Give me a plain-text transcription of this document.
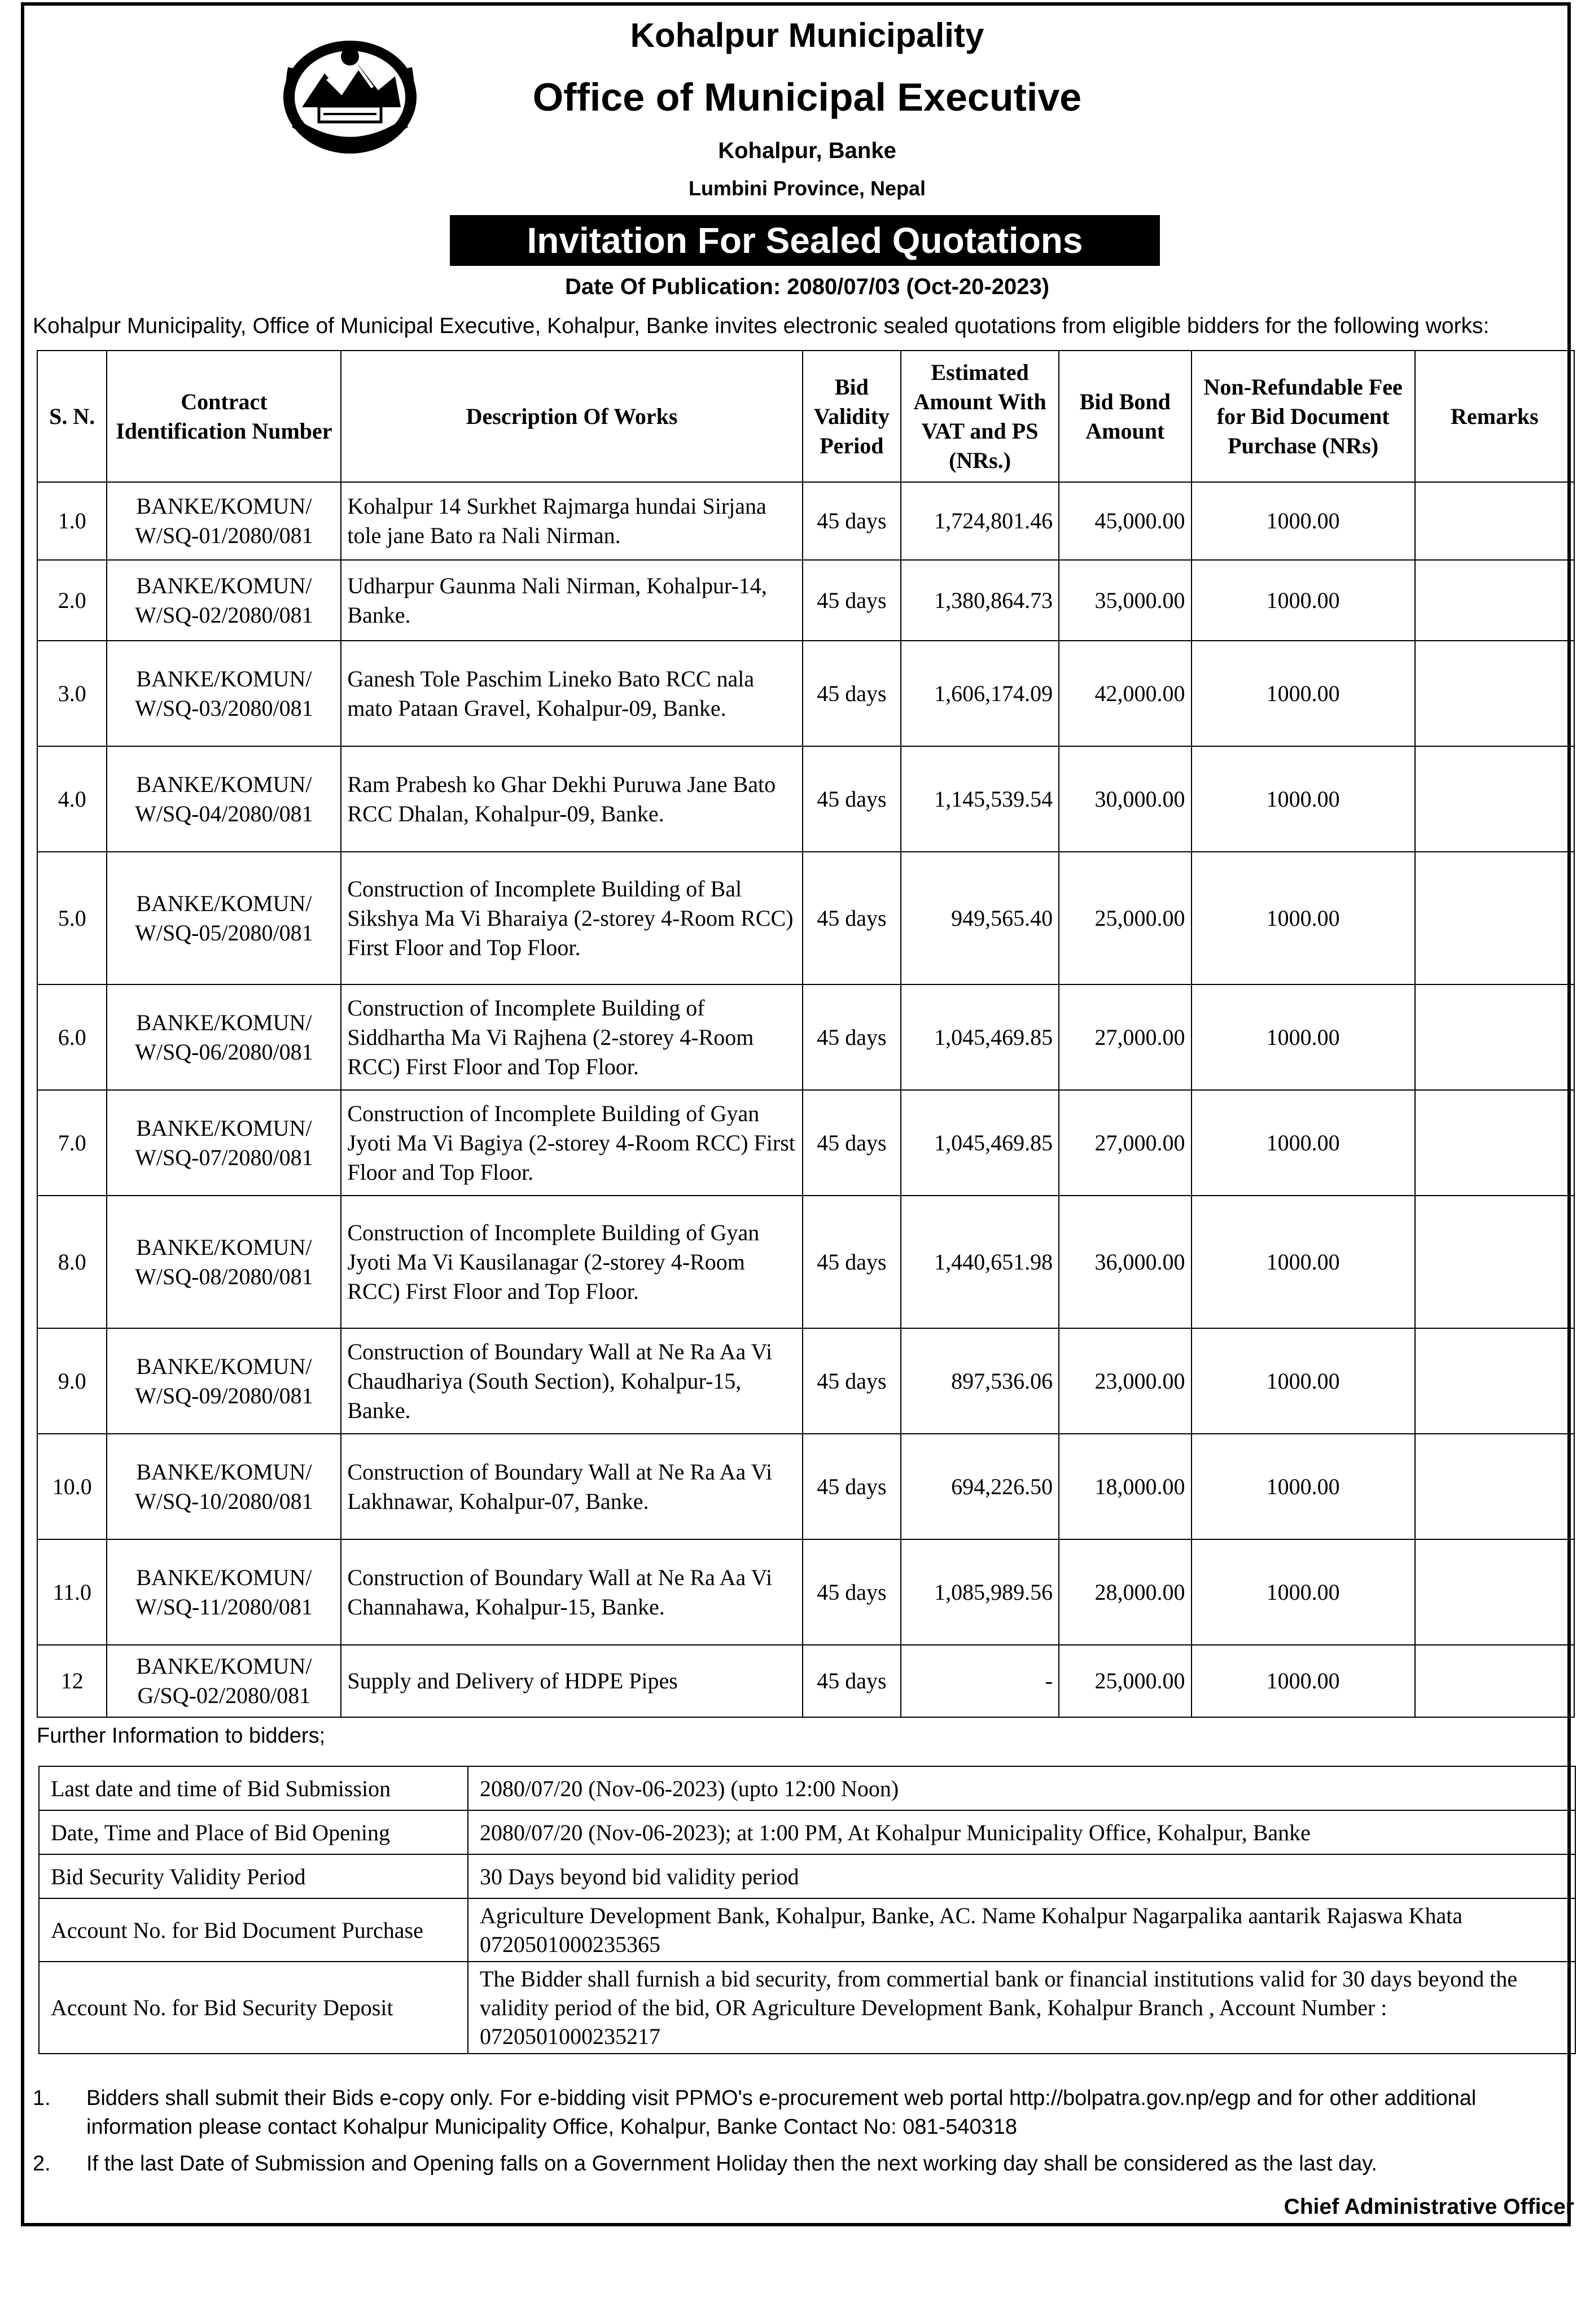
Kohalpur Municipality
Office of Municipal Executive
Kohalpur, Banke
Lumbini Province, Nepal
Invitation For Sealed Quotations
Date Of Publication: 2080/07/03 (Oct-20-2023)
Kohalpur Municipality, Office of Municipal Executive, Kohalpur, Banke invites electronic sealed quotations from eligible bidders for the following works:
S. N.	Contract Identification Number	Description Of Works	Bid Validity Period	Estimated Amount With VAT and PS (NRs.)	Bid Bond Amount	Non-Refundable Fee for Bid Document Purchase (NRs)	Remarks
1.0	BANKE/KOMUN/ W/SQ-01/2080/081	Kohalpur 14 Surkhet Rajmarga hundai Sirjana tole jane Bato ra Nali Nirman.	45 days	1,724,801.46	45,000.00	1000.00	
2.0	BANKE/KOMUN/ W/SQ-02/2080/081	Udharpur Gaunma Nali Nirman, Kohalpur-14, Banke.	45 days	1,380,864.73	35,000.00	1000.00	
3.0	BANKE/KOMUN/ W/SQ-03/2080/081	Ganesh Tole Paschim Lineko Bato RCC nala mato Pataan Gravel, Kohalpur-09, Banke.	45 days	1,606,174.09	42,000.00	1000.00	
4.0	BANKE/KOMUN/ W/SQ-04/2080/081	Ram Prabesh ko Ghar Dekhi Puruwa Jane Bato RCC Dhalan, Kohalpur-09, Banke.	45 days	1,145,539.54	30,000.00	1000.00	
5.0	BANKE/KOMUN/ W/SQ-05/2080/081	Construction of Incomplete Building of Bal Sikshya Ma Vi Bharaiya (2-storey 4-Room RCC) First Floor and Top Floor.	45 days	949,565.40	25,000.00	1000.00	
6.0	BANKE/KOMUN/ W/SQ-06/2080/081	Construction of Incomplete Building of Siddhartha Ma Vi Rajhena (2-storey 4-Room RCC) First Floor and Top Floor.	45 days	1,045,469.85	27,000.00	1000.00	
7.0	BANKE/KOMUN/ W/SQ-07/2080/081	Construction of Incomplete Building of Gyan Jyoti Ma Vi Bagiya (2-storey 4-Room RCC) First Floor and Top Floor.	45 days	1,045,469.85	27,000.00	1000.00	
8.0	BANKE/KOMUN/ W/SQ-08/2080/081	Construction of Incomplete Building of Gyan Jyoti Ma Vi Kausilanagar (2-storey 4-Room RCC) First Floor and Top Floor.	45 days	1,440,651.98	36,000.00	1000.00	
9.0	BANKE/KOMUN/ W/SQ-09/2080/081	Construction of Boundary Wall at Ne Ra Aa Vi Chaudhariya (South Section), Kohalpur-15, Banke.	45 days	897,536.06	23,000.00	1000.00	
10.0	BANKE/KOMUN/ W/SQ-10/2080/081	Construction of Boundary Wall at Ne Ra Aa Vi Lakhnawar, Kohalpur-07, Banke.	45 days	694,226.50	18,000.00	1000.00	
11.0	BANKE/KOMUN/ W/SQ-11/2080/081	Construction of Boundary Wall at Ne Ra Aa Vi Channahawa, Kohalpur-15, Banke.	45 days	1,085,989.56	28,000.00	1000.00	
12	BANKE/KOMUN/ G/SQ-02/2080/081	Supply and Delivery of HDPE Pipes	45 days	-	25,000.00	1000.00	
Further Information to bidders;
Last date and time of Bid Submission	2080/07/20 (Nov-06-2023) (upto 12:00 Noon)
Date, Time and Place of Bid Opening	2080/07/20 (Nov-06-2023); at 1:00 PM, At Kohalpur Municipality Office, Kohalpur, Banke
Bid Security Validity Period	30 Days beyond bid validity period
Account No. for Bid Document Purchase	Agriculture Development Bank, Kohalpur, Banke, AC. Name Kohalpur Nagarpalika aantarik Rajaswa Khata 0720501000235365
Account No. for Bid Security Deposit	The Bidder shall furnish a bid security, from commertial bank or financial institutions valid for 30 days beyond the validity period of the bid, OR Agriculture Development Bank, Kohalpur Branch , Account Number : 0720501000235217
1.	Bidders shall submit their Bids e-copy only. For e-bidding visit PPMO's e-procurement web portal http://bolpatra.gov.np/egp and for other additional information please contact Kohalpur Municipality Office, Kohalpur, Banke Contact No: 081-540318
2.	If the last Date of Submission and Opening falls on a Government Holiday then the next working day shall be considered as the last day.
Chief Administrative Officer
